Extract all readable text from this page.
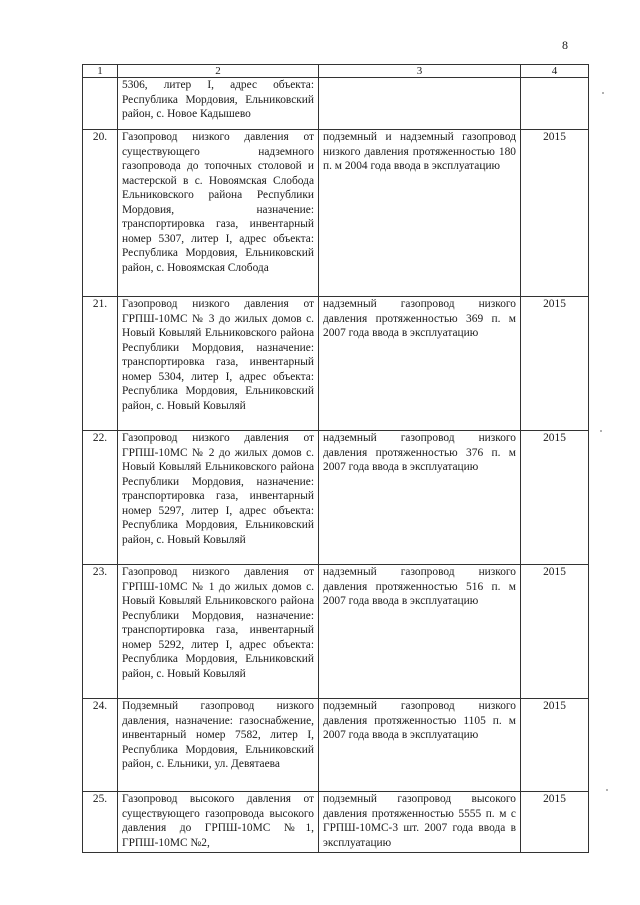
8
1	2	3	4
	5306, литер I, адрес объекта: Республика Мордовия, Ельниковский район, с. Новое Кадышево		
20.	Газопровод низкого давления от существующего надземного газопровода до топочных столовой и мастерской в с. Новоямская Слобода Ельниковского района Республики Мордовия, назначение: транспортировка газа, инвентарный номер 5307, литер I, адрес объекта: Республика Мордовия, Ельниковский район, с. Новоямская Слобода	подземный и надземный газопровод низкого давления протяженностью 180 п. м 2004 года ввода в эксплуатацию	2015
21.	Газопровод низкого давления от ГРПШ-10МС № 3 до жилых домов с. Новый Ковыляй Ельниковского района Республики Мордовия, назначение: транспортировка газа, инвентарный номер 5304, литер I, адрес объекта: Республика Мордовия, Ельниковский район, с. Новый Ковыляй	надземный газопровод низкого давления протяженностью 369 п. м 2007 года ввода в эксплуатацию	2015
22.	Газопровод низкого давления от ГРПШ-10МС № 2 до жилых домов с. Новый Ковыляй Ельниковского района Республики Мордовия, назначение: транспортировка газа, инвентарный номер 5297, литер I, адрес объекта: Республика Мордовия, Ельниковский район, с. Новый Ковыляй	надземный газопровод низкого давления протяженностью 376 п. м 2007 года ввода в эксплуатацию	2015
23.	Газопровод низкого давления от ГРПШ-10МС № 1 до жилых домов с. Новый Ковыляй Ельниковского района Республики Мордовия, назначение: транспортировка газа, инвентарный номер 5292, литер I, адрес объекта: Республика Мордовия, Ельниковский район, с. Новый Ковыляй	надземный газопровод низкого давления протяженностью 516 п. м 2007 года ввода в эксплуатацию	2015
24.	Подземный газопровод низкого давления, назначение: газоснабжение, инвентарный номер 7582, литер I, Республика Мордовия, Ельниковский район, с. Ельники, ул. Девятаева	подземный газопровод низкого давления протяженностью 1105 п. м 2007 года ввода в эксплуатацию	2015
25.	Газопровод высокого давления от существующего газопровода высокого давления до ГРПШ-10МС №1, ГРПШ-10МС №2,	подземный газопровод высокого давления протяженностью 5555 п. м с ГРПШ-10МС-3 шт. 2007 года ввода в эксплуатацию	2015
